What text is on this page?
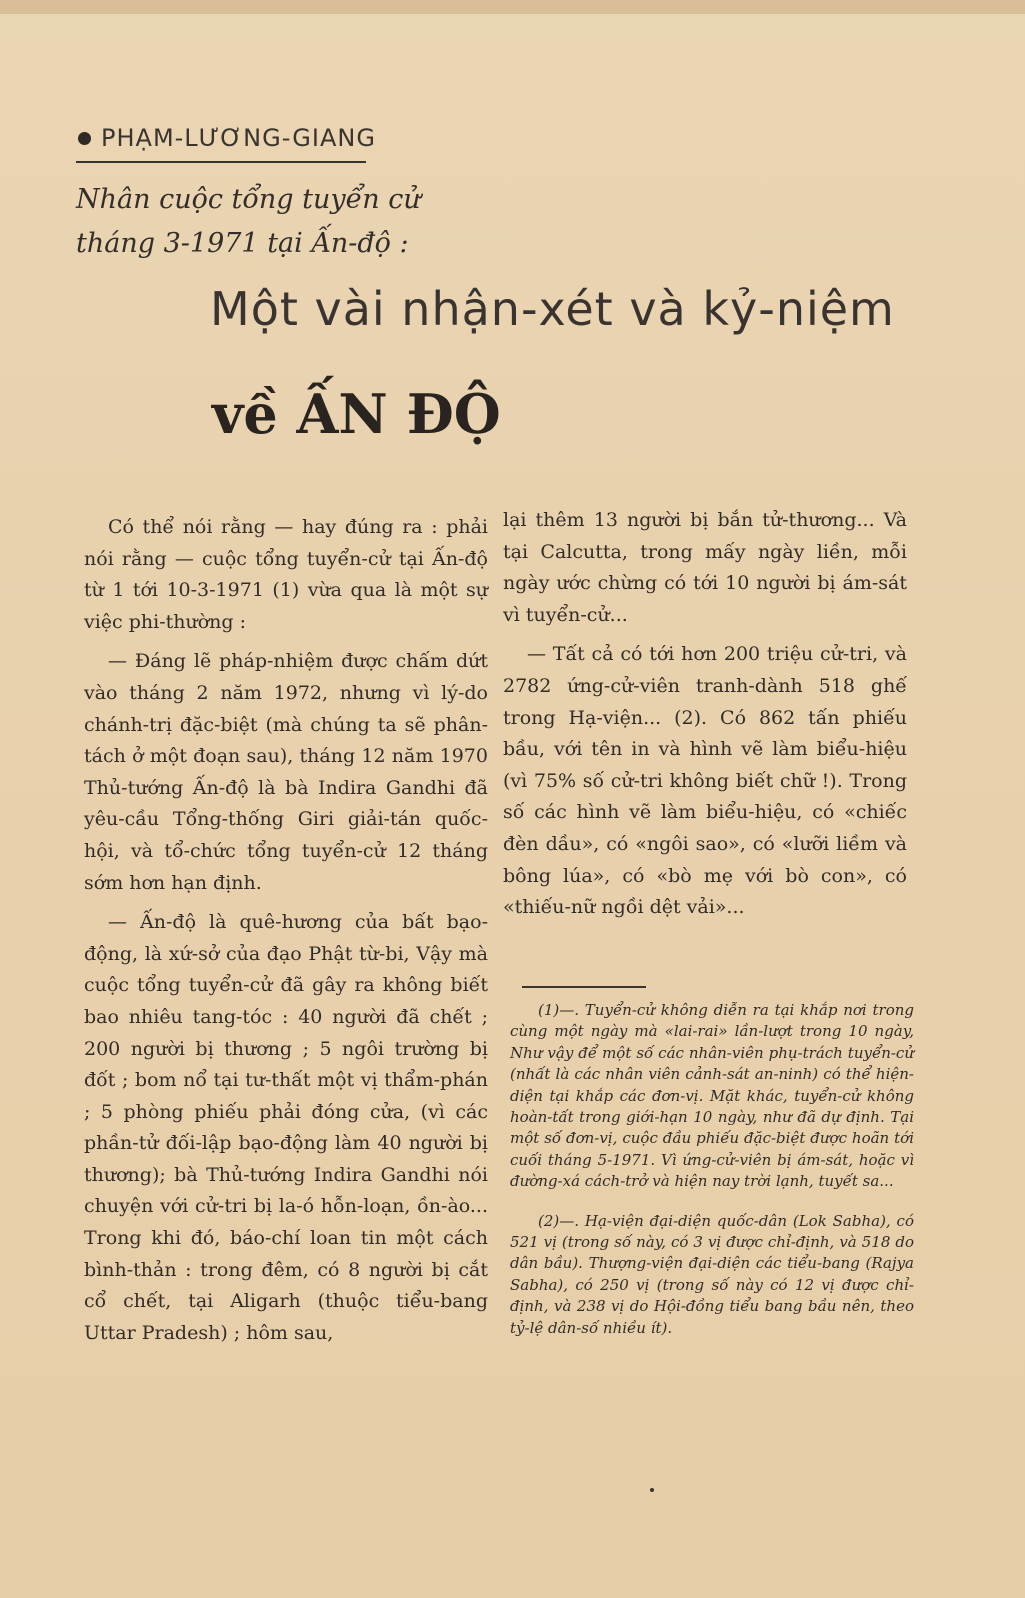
PHẠM-LƯƠNG-GIANG

Nhân cuộc tổng tuyển cử tháng 3-1971 tại Ấn-độ :

Một vài nhận-xét và kỷ-niệm
về ẤN ĐỘ

Có thể nói rằng — hay đúng ra : phải nói rằng — cuộc tổng tuyển-cử tại Ấn-độ từ 1 tới 10-3-1971 (1) vừa qua là một sự việc phi-thường :

— Đáng lẽ pháp-nhiệm được chấm dứt vào tháng 2 năm 1972, nhưng vì lý-do chánh-trị đặc-biệt (mà chúng ta sẽ phân-tách ở một đoạn sau), tháng 12 năm 1970 Thủ-tướng Ấn-độ là bà Indira Gandhi đã yêu-cầu Tổng-thống Giri giải-tán quốc-hội, và tổ-chức tổng tuyển-cử 12 tháng sớm hơn hạn định.

— Ấn-độ là quê-hương của bất bạo-động, là xứ-sở của đạo Phật từ-bi, Vậy mà cuộc tổng tuyển-cử đã gây ra không biết bao nhiêu tang-tóc : 40 người đã chết ; 200 người bị thương ; 5 ngôi trường bị đốt ; bom nổ tại tư-thất một vị thẩm-phán ; 5 phòng phiếu phải đóng cửa, (vì các phần-tử đối-lập bạo-động làm 40 người bị thương); bà Thủ-tướng Indira Gandhi nói chuyện với cử-tri bị la-ó hỗn-loạn, ồn-ào... Trong khi đó, báo-chí loan tin một cách bình-thản : trong đêm, có 8 người bị cắt cổ chết, tại Aligarh (thuộc tiểu-bang Uttar Pradesh) ; hôm sau,

lại thêm 13 người bị bắn tử-thương... Và tại Calcutta, trong mấy ngày liền, mỗi ngày ước chừng có tới 10 người bị ám-sát vì tuyển-cử...

— Tất cả có tới hơn 200 triệu cử-tri, và 2782 ứng-cử-viên tranh-dành 518 ghế trong Hạ-viện... (2). Có 862 tấn phiếu bầu, với tên in và hình vẽ làm biểu-hiệu (vì 75% số cử-tri không biết chữ !). Trong số các hình vẽ làm biểu-hiệu, có «chiếc đèn dầu», có «ngôi sao», có «lưỡi liềm và bông lúa», có «bò mẹ với bò con», có «thiếu-nữ ngồi dệt vải»...

(1)—. Tuyển-cử không diễn ra tại khắp nơi trong cùng một ngày mà «lai-rai» lần-lượt trong 10 ngày, Như vậy để một số các nhân-viên phụ-trách tuyển-cử (nhất là các nhân viên cảnh-sát an-ninh) có thể hiện-diện tại khắp các đơn-vị. Mặt khác, tuyển-cử không hoàn-tất trong giới-hạn 10 ngày, như đã dự định. Tại một số đơn-vị, cuộc đầu phiếu đặc-biệt được hoãn tới cuối tháng 5-1971. Vì ứng-cử-viên bị ám-sát, hoặc vì đường-xá cách-trở và hiện nay trời lạnh, tuyết sa...

(2)—. Hạ-viện đại-diện quốc-dân (Lok Sabha), có 521 vị (trong số này, có 3 vị được chỉ-định, và 518 do dân bầu). Thượng-viện đại-diện các tiểu-bang (Rajya Sabha), có 250 vị (trong số này có 12 vị được chỉ-định, và 238 vị do Hội-đồng tiểu bang bầu nên, theo tỷ-lệ dân-số nhiều ít).
